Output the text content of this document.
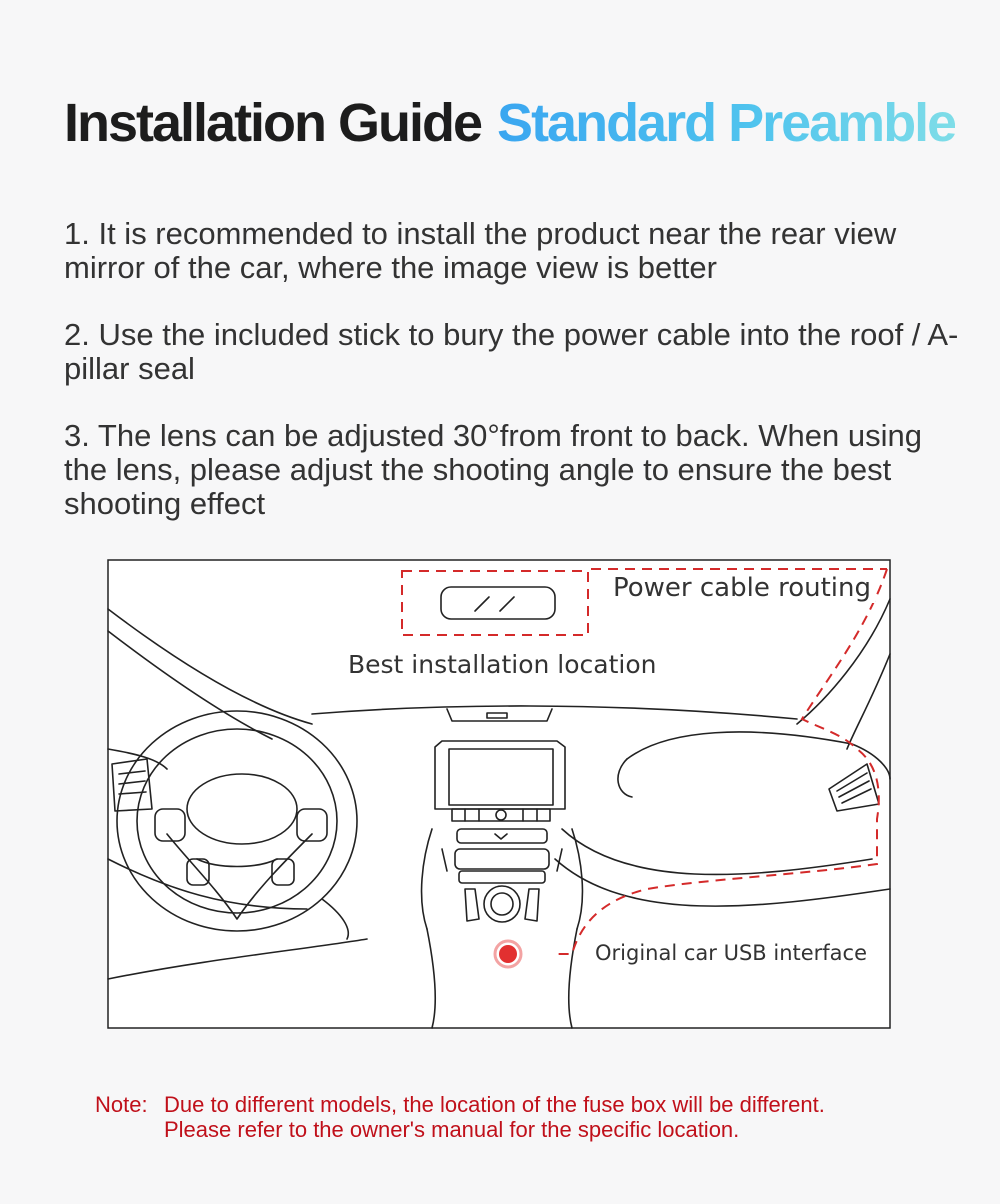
Installation Guide Standard Preamble
1. It is recommended to install the product near the rear view mirror of the car, where the image view is better
2. Use the included stick to bury the power cable into the roof / A-pillar seal
3. The lens can be adjusted 30°from front to back. When using the lens, please adjust the shooting angle to ensure the best shooting effect
Power cable routing
Best installation location
Original car USB interface
Note: Due to different models, the location of the fuse box will be different.
Please refer to the owner's manual for the specific location.
